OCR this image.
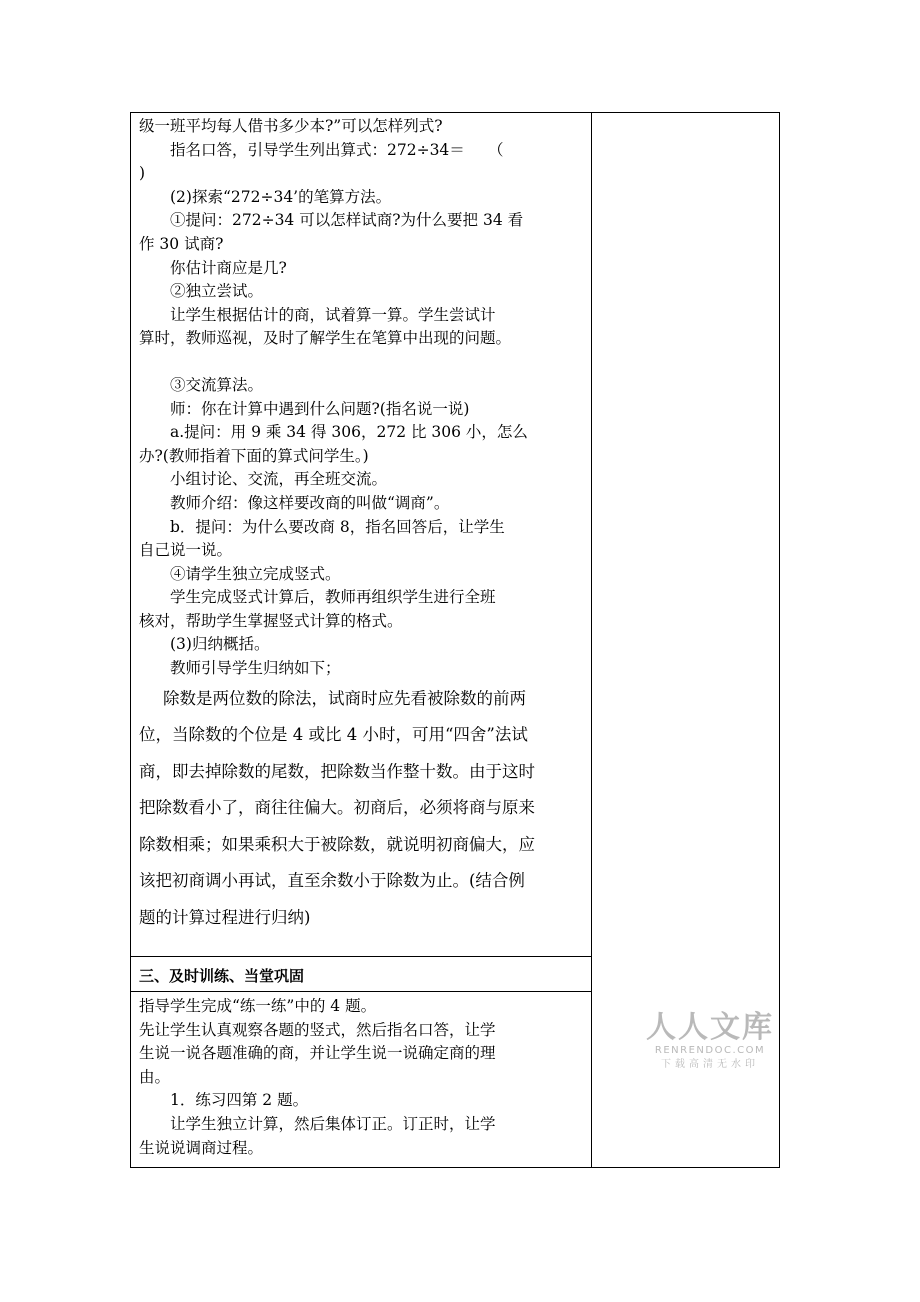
级一班平均每人借书多少本?”可以怎样列式?

指名口答，引导学生列出算式：272÷34＝　　（

)

(2)探索“272÷34’的笔算方法。

①提问：272÷34 可以怎样试商?为什么要把 34 看

作 30 试商?

你估计商应是几?

②独立尝试。

让学生根据估计的商，试着算一算。学生尝试计

算时，教师巡视，及时了解学生在笔算中出现的问题。

③交流算法。

师：你在计算中遇到什么问题?(指名说一说)

a.提问：用 9 乘 34 得 306，272 比 306 小，怎么

办?(教师指着下面的算式问学生。)

小组讨论、交流，再全班交流。

教师介绍：像这样要改商的叫做“调商”。

b．提问：为什么要改商 8，指名回答后，让学生

自己说一说。

④请学生独立完成竖式。

学生完成竖式计算后，教师再组织学生进行全班

核对，帮助学生掌握竖式计算的格式。

(3)归纳概括。

教师引导学生归纳如下；

除数是两位数的除法，试商时应先看被除数的前两

位，当除数的个位是 4 或比 4 小时，可用“四舍”法试

商，即去掉除数的尾数，把除数当作整十数。由于这时

把除数看小了，商往往偏大。初商后，必须将商与原来

除数相乘；如果乘积大于被除数，就说明初商偏大，应

该把初商调小再试，直至余数小于除数为止。(结合例

题的计算过程进行归纳)

三、及时训练、当堂巩固

指导学生完成“练一练”中的 4 题。

先让学生认真观察各题的竖式，然后指名口答，让学

生说一说各题准确的商，并让学生说一说确定商的理

由。

1．练习四第 2 题。

让学生独立计算，然后集体订正。订正时，让学

生说说调商过程。

人人文库
RENRENDOC.COM
下载高清无水印
